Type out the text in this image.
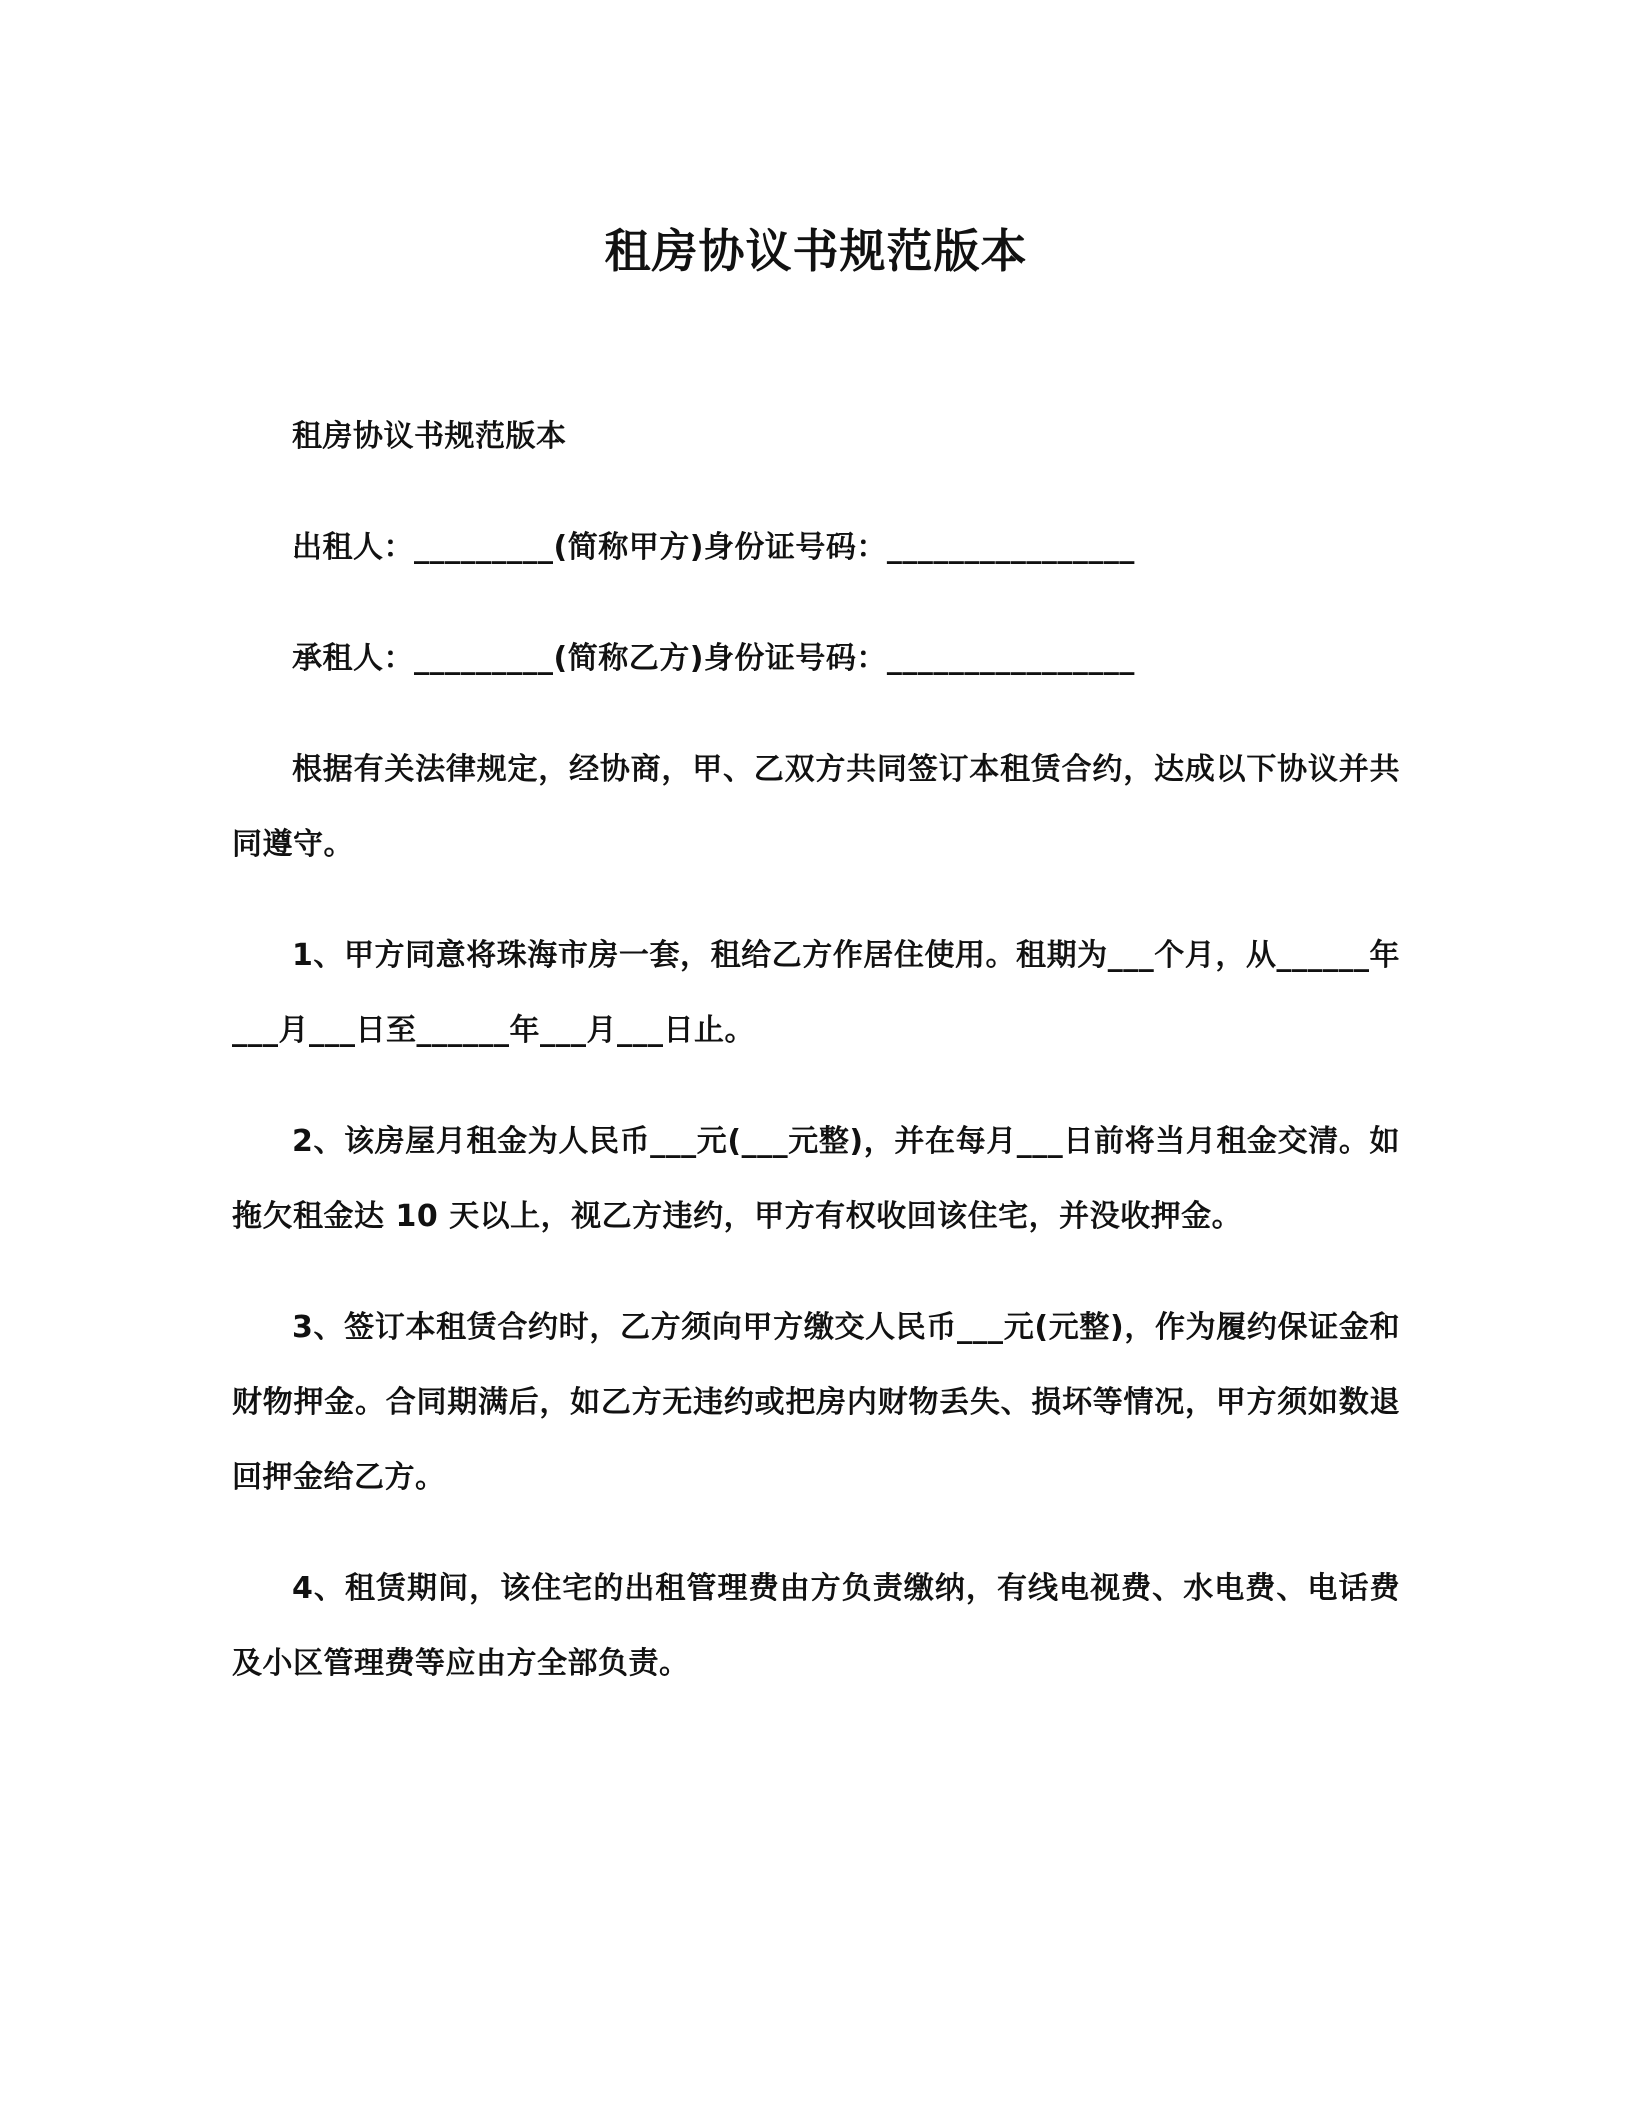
租房协议书规范版本

租房协议书规范版本

出租人：_________(简称甲方)身份证号码：________________

承租人：_________(简称乙方)身份证号码：________________

根据有关法律规定，经协商，甲、乙双方共同签订本租赁合约，达成以下协议并共同遵守。

1、甲方同意将珠海市房一套，租给乙方作居住使用。租期为___个月，从______年___月___日至______年___月___日止。

2、该房屋月租金为人民币___元(___元整)，并在每月___日前将当月租金交清。如拖欠租金达 10 天以上，视乙方违约，甲方有权收回该住宅，并没收押金。

3、签订本租赁合约时，乙方须向甲方缴交人民币___元(元整)，作为履约保证金和财物押金。合同期满后，如乙方无违约或把房内财物丢失、损坏等情况，甲方须如数退回押金给乙方。

4、租赁期间，该住宅的出租管理费由方负责缴纳，有线电视费、水电费、电话费及小区管理费等应由方全部负责。
